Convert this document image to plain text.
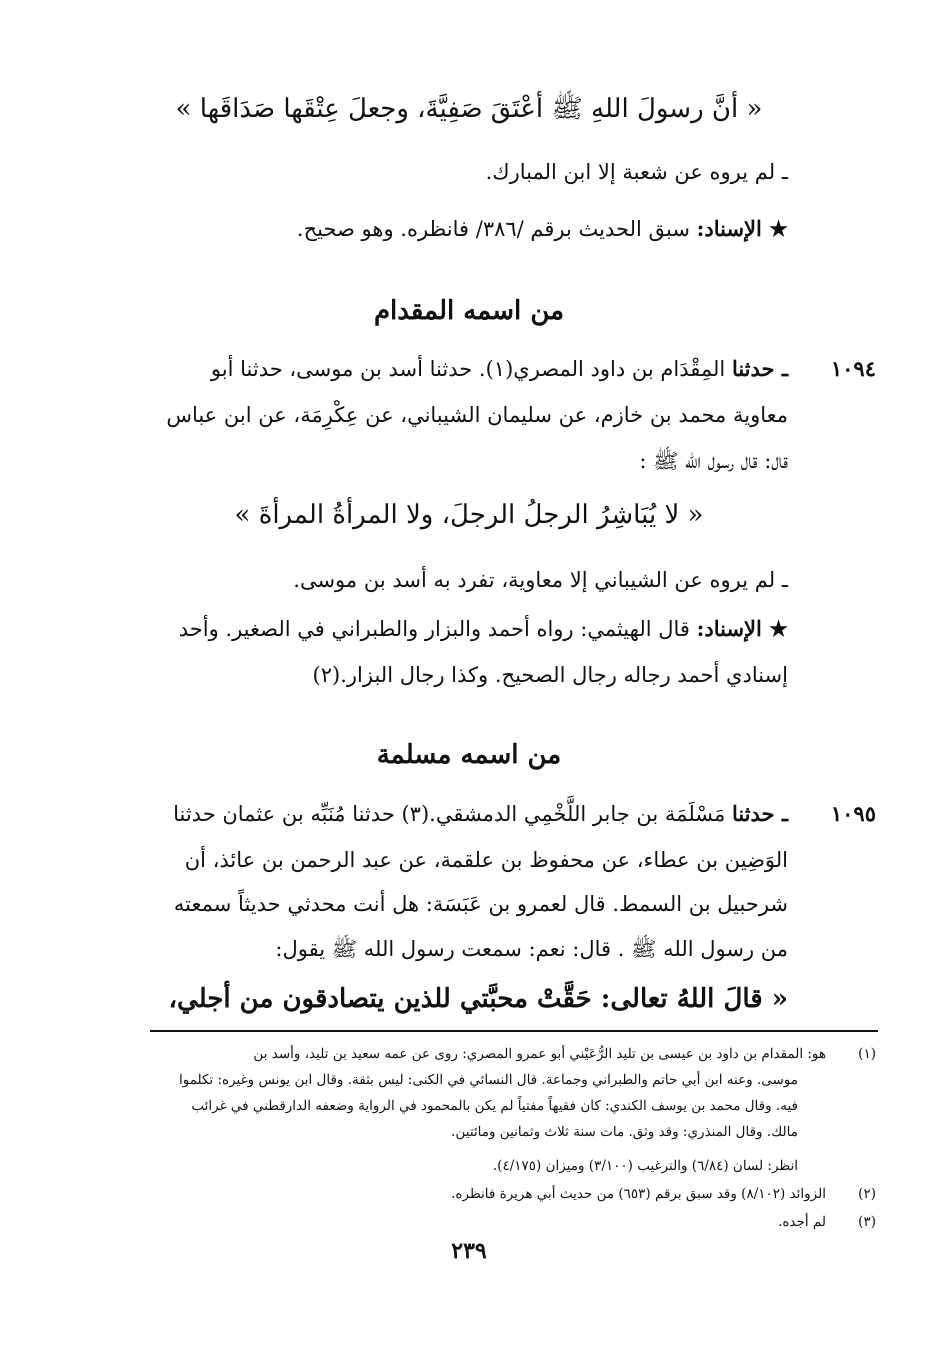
« أنَّ رسولَ اللهِ ﷺ أعْتَقَ صَفِيَّةَ، وجعلَ عِتْقَها صَدَاقَها »
ـ لم يروه عن شعبة إلا ابن المبارك.
★ الإسناد: سبق الحديث برقم /٣٨٦/ فانظره. وهو صحيح.
من اسمه المقدام
١٠٩٤
ـ حدثنا المِقْدَام بن داود المصري(١). حدثنا أسد بن موسى، حدثنا أبو
معاوية محمد بن خازم، عن سليمان الشيباني، عن عِكْرِمَة، عن ابن عباس
قال: قال رسول الله ﷺ :
« لا يُبَاشِرُ الرجلُ الرجلَ، ولا المرأةُ المرأةَ »
ـ لم يروه عن الشيباني إلا معاوية، تفرد به أسد بن موسى.
★ الإسناد: قال الهيثمي: رواه أحمد والبزار والطبراني في الصغير. وأحد
إسنادي أحمد رجاله رجال الصحيح. وكذا رجال البزار.(٢)
من اسمه مسلمة
١٠٩٥
ـ حدثنا مَسْلَمَة بن جابر اللَّخْمِي الدمشقي.(٣) حدثنا مُنَبِّه بن عثمان حدثنا
الوَضِين بن عطاء، عن محفوظ بن علقمة، عن عبد الرحمن بن عائذ، أن
شرحبيل بن السمط. قال لعمرو بن عَبَسَة: هل أنت محدثي حديثاً سمعته
من رسول الله ﷺ . قال: نعم: سمعت رسول الله ﷺ يقول:
« قالَ اللهُ تعالى: حَقَّتْ محبَّتي للذين يتصادقون من أجلي،
(١)هو: المقدام بن داود بن عيسى بن تليد الرُّعَيْني أبو عمرو المصري: روى عن عمه سعيد بن تليد، وأسد بن
موسى. وعنه ابن أبي حاتم والطبراني وجماعة. قال النسائي في الكنى: ليس بثقة. وقال ابن يونس وغيره: تكلموا
فيه. وقال محمد بن يوسف الكندي: كان فقيهاً مفتياً لم يكن بالمحمود في الرواية وضعفه الدارقطني في غرائب
مالك. وقال المنذري: وقد وثق. مات سنة ثلاث وثمانين ومائتين.
انظر: لسان (٦/٨٤) والترغيب (٣/١٠٠) وميزان (٤/١٧٥).
(٢)الزوائد (٨/١٠٢) وقد سبق برقم (٦٥٣) من حديث أبي هريرة فانظره.
(٣)لم أجده.
٢٣٩
